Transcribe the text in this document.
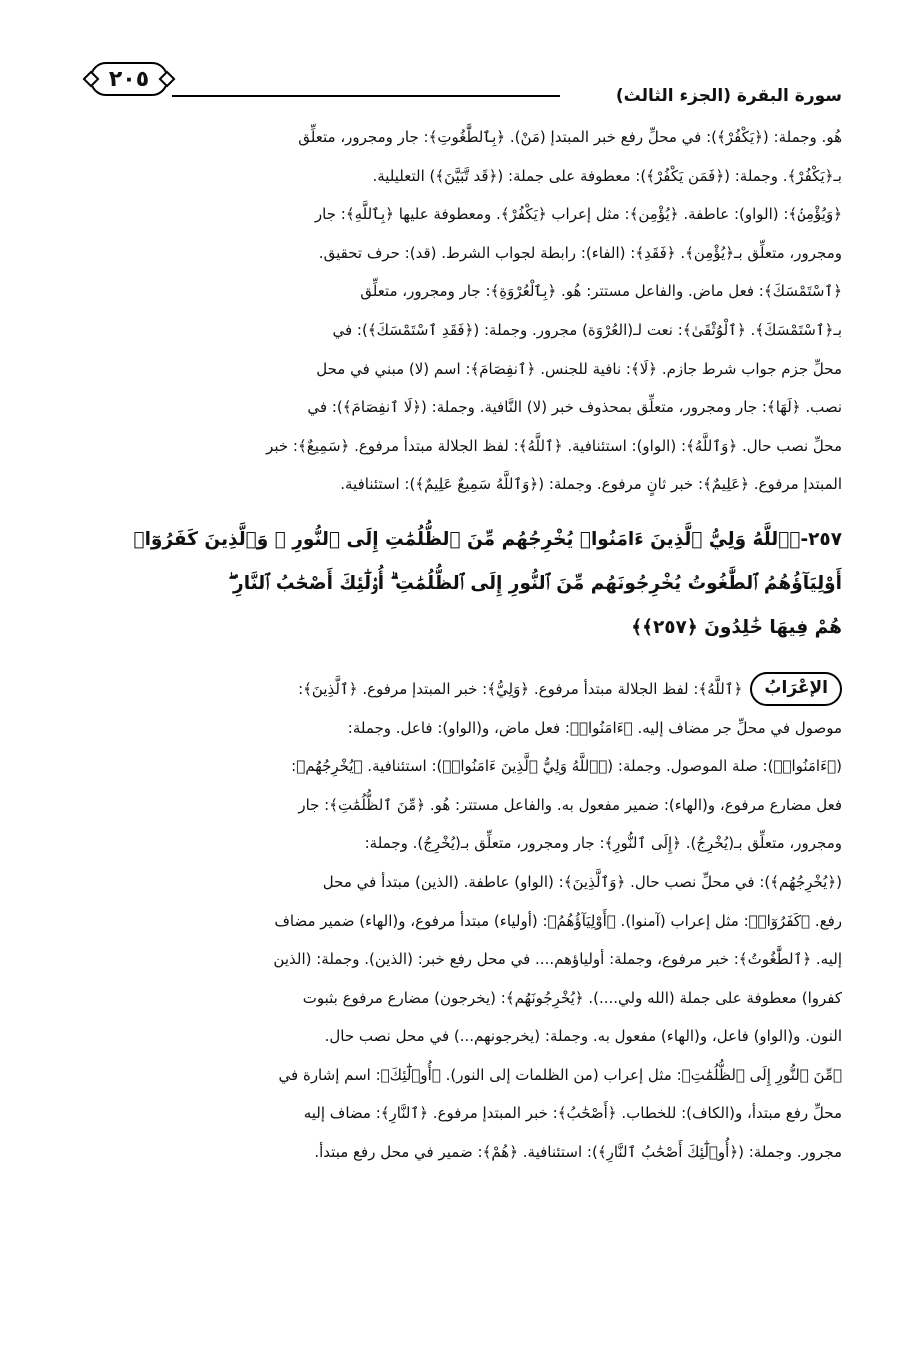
سورة البقرة (الجزء الثالث)
٢٠٥
هُو. وجملة: (﴿يَكْفُرْ﴾): في محلِّ رفع خبر المبتدإ (مَنْ). ﴿بِٱلطَّٰغُوتِ﴾: جار ومجرور، متعلِّق
بـ﴿يَكْفُرْ﴾. وجملة: (﴿فَمَن يَكْفُرْ﴾): معطوفة على جملة: (﴿قَد تَّبَيَّنَ﴾) التعليلية.
﴿وَيُؤْمِنۢ﴾: (الواو): عاطفة. ﴿يُؤْمِن﴾: مثل إعراب ﴿يَكْفُرْ﴾. ومعطوفة عليها ﴿بِٱللَّهِ﴾: جار
ومجرور، متعلِّق بـ﴿يُؤْمِن﴾. ﴿فَقَدِ﴾: (الفاء): رابطة لجواب الشرط. (قد): حرف تحقيق.
﴿ٱسْتَمْسَكَ﴾: فعل ماض. والفاعل مستتر: هُو. ﴿بِٱلْعُرْوَةِ﴾: جار ومجرور، متعلِّق
بـ﴿ٱسْتَمْسَكَ﴾. ﴿ٱلْوُثْقَىٰ﴾: نعت لـ(العُرْوَة) مجرور. وجملة: (﴿فَقَدِ ٱسْتَمْسَكَ﴾): في
محلِّ جزم جواب شرط جازم. ﴿لَا﴾: نافية للجنس. ﴿ٱنفِصَامَ﴾: اسم (لا) مبني في محل
نصب. ﴿لَهَا﴾: جار ومجرور، متعلِّق بمحذوف خبر (لا) النَّافية. وجملة: (﴿لَا ٱنفِصَامَ﴾): في
محلِّ نصب حال. ﴿وَٱللَّهُ﴾: (الواو): استئنافية. ﴿ٱللَّهُ﴾: لفظ الجلالة مبتدأ مرفوع. ﴿سَمِيعٌ﴾: خبر
المبتدإ مرفوع. ﴿عَلِيمٌ﴾: خبر ثانٍ مرفوع. وجملة: (﴿وَٱللَّهُ سَمِيعٌ عَلِيمٌ﴾): استئنافية.
٢٥٧-﴿ٱللَّهُ وَلِيُّ ٱلَّذِينَ ءَامَنُوا۟ يُخْرِجُهُم مِّنَ ٱلظُّلُمَٰتِ إِلَى ٱلنُّورِ ۖ وَٱلَّذِينَ كَفَرُوٓا۟
أَوْلِيَآؤُهُمُ ٱلطَّٰغُوتُ يُخْرِجُونَهُم مِّنَ ٱلنُّورِ إِلَى ٱلظُّلُمَٰتِ ۗ أُو۟لَٰٓئِكَ أَصْحَٰبُ ٱلنَّارِ ۖ
هُمْ فِيهَا خَٰلِدُونَ ﴿٢٥٧﴾﴾
الإعْرَابُ
﴿ٱللَّهُ﴾: لفظ الجلالة مبتدأ مرفوع. ﴿وَلِيُّ﴾: خبر المبتدإ مرفوع. ﴿ٱلَّذِينَ﴾:
موصول في محلِّ جر مضاف إليه. ﴿ءَامَنُوا۟﴾: فعل ماض، و(الواو): فاعل. وجملة:
(﴿ءَامَنُوا۟﴾): صلة الموصول. وجملة: (﴿ٱللَّهُ وَلِيُّ ٱلَّذِينَ ءَامَنُوا۟﴾): استئنافية. ﴿يُخْرِجُهُم﴾:
فعل مضارع مرفوع، و(الهاء): ضمير مفعول به. والفاعل مستتر: هُو. ﴿مِّنَ ٱلظُّلُمَٰتِ﴾: جار
ومجرور، متعلِّق بـ(يُخْرِجُ). ﴿إِلَى ٱلنُّورِ﴾: جار ومجرور، متعلِّق بـ(يُخْرِجُ). وجملة:
(﴿يُخْرِجُهُم﴾): في محلِّ نصب حال. ﴿وَٱلَّذِينَ﴾: (الواو) عاطفة. (الذين) مبتدأ في محل
رفع. ﴿كَفَرُوٓا۟﴾: مثل إعراب (آمنوا). ﴿أَوْلِيَآؤُهُمُ﴾: (أولياء) مبتدأ مرفوع، و(الهاء) ضمير مضاف
إليه. ﴿ٱلطَّٰغُوتُ﴾: خبر مرفوع، وجملة: أولياؤهم.... في محل رفع خبر: (الذين). وجملة: (الذين
كفروا) معطوفة على جملة (الله ولي....). ﴿يُخْرِجُونَهُم﴾: (يخرجون) مضارع مرفوع بثبوت
النون. و(الواو) فاعل، و(الهاء) مفعول به. وجملة: (يخرجونهم...) في محل نصب حال.
﴿مِّنَ ٱلنُّورِ إِلَى ٱلظُّلُمَٰتِ﴾: مثل إعراب (من الظلمات إلى النور). ﴿أُو۟لَٰٓئِكَ﴾: اسم إشارة في
محلِّ رفع مبتدأ، و(الكاف): للخطاب. ﴿أَصْحَٰبُ﴾: خبر المبتدإ مرفوع. ﴿ٱلنَّارِ﴾: مضاف إليه
مجرور. وجملة: (﴿أُو۟لَٰٓئِكَ أَصْحَٰبُ ٱلنَّارِ﴾): استئنافية. ﴿هُمْ﴾: ضمير في محل رفع مبتدأ.
